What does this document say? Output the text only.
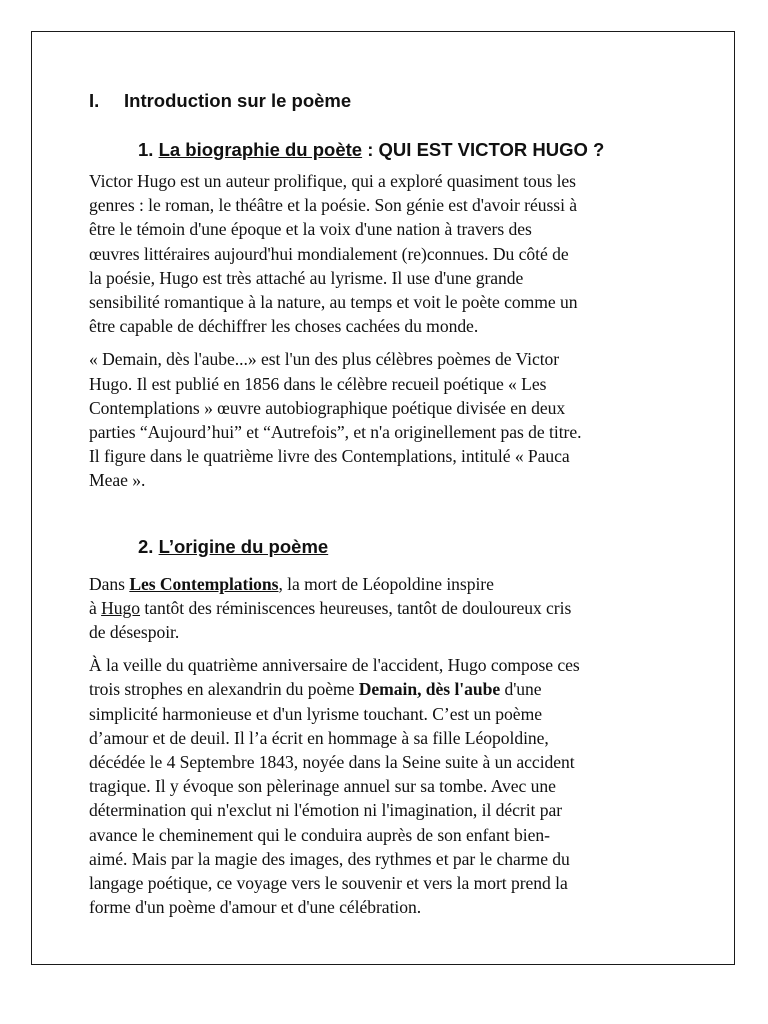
I. Introduction sur le poème
1. La biographie du poète : QUI EST VICTOR HUGO ?

Victor Hugo est un auteur prolifique, qui a exploré quasiment tous les
genres : le roman, le théâtre et la poésie. Son génie est d'avoir réussi à
être le témoin d'une époque et la voix d'une nation à travers des
œuvres littéraires aujourd'hui mondialement (re)connues. Du côté de
la poésie, Hugo est très attaché au lyrisme. Il use d'une grande
sensibilité romantique à la nature, au temps et voit le poète comme un
être capable de déchiffrer les choses cachées du monde.

« Demain, dès l'aube...» est l'un des plus célèbres poèmes de Victor
Hugo. Il est publié en 1856 dans le célèbre recueil poétique « Les
Contemplations » œuvre autobiographique poétique divisée en deux
parties “Aujourd’hui” et “Autrefois”, et n'a originellement pas de titre.
Il figure dans le quatrième livre des Contemplations, intitulé « Pauca
Meae ».

2. L’origine du poème

Dans Les Contemplations, la mort de Léopoldine inspire
à Hugo tantôt des réminiscences heureuses, tantôt de douloureux cris
de désespoir.

À la veille du quatrième anniversaire de l'accident, Hugo compose ces
trois strophes en alexandrin du poème Demain, dès l'aube d'une
simplicité harmonieuse et d'un lyrisme touchant. C’est un poème
d’amour et de deuil. Il l’a écrit en hommage à sa fille Léopoldine,
décédée le 4 Septembre 1843, noyée dans la Seine suite à un accident
tragique. Il y évoque son pèlerinage annuel sur sa tombe. Avec une
détermination qui n'exclut ni l'émotion ni l'imagination, il décrit par
avance le cheminement qui le conduira auprès de son enfant bien-
aimé. Mais par la magie des images, des rythmes et par le charme du
langage poétique, ce voyage vers le souvenir et vers la mort prend la
forme d'un poème d'amour et d'une célébration.
